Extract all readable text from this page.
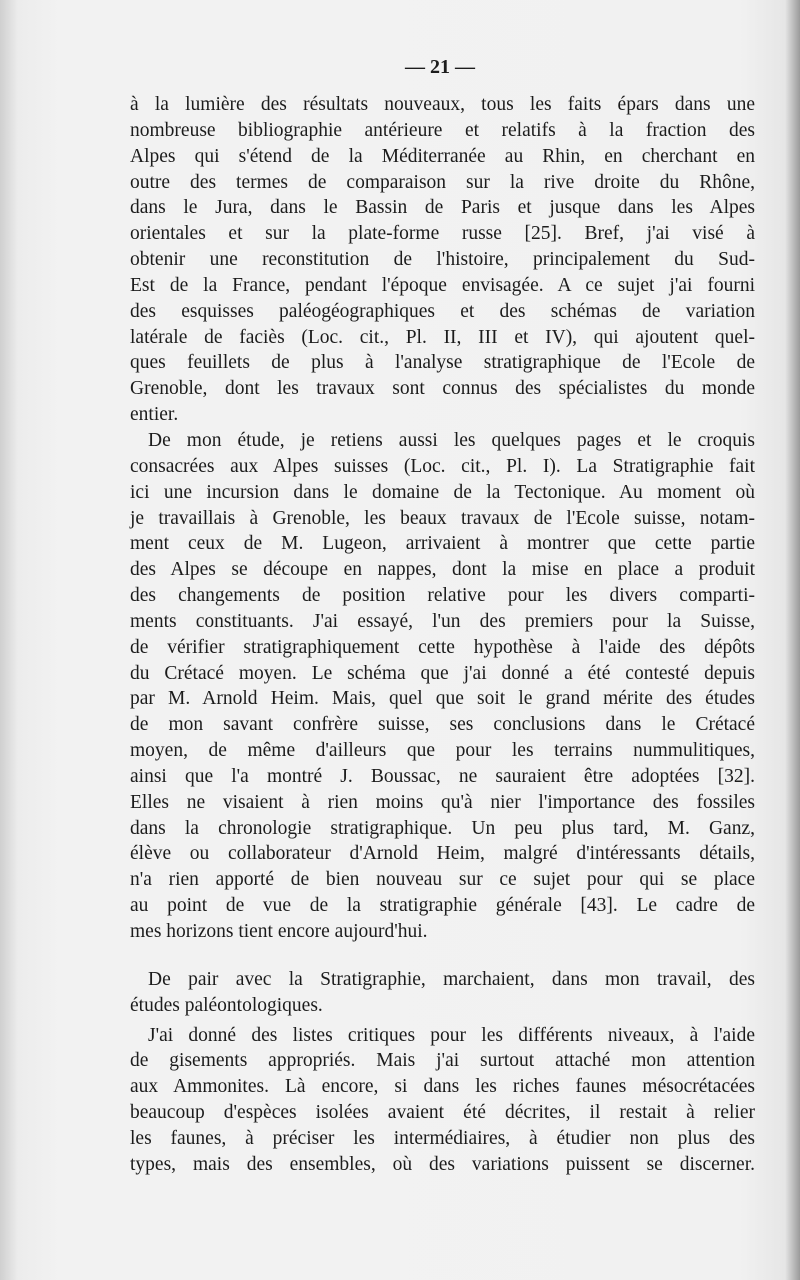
— 21 —
à la lumière des résultats nouveaux, tous les faits épars dans une
nombreuse bibliographie antérieure et relatifs à la fraction des
Alpes qui s'étend de la Méditerranée au Rhin, en cherchant en
outre des termes de comparaison sur la rive droite du Rhône,
dans le Jura, dans le Bassin de Paris et jusque dans les Alpes
orientales et sur la plate-forme russe [25]. Bref, j'ai visé à
obtenir une reconstitution de l'histoire, principalement du Sud-
Est de la France, pendant l'époque envisagée. A ce sujet j'ai fourni
des esquisses paléogéographiques et des schémas de variation
latérale de faciès (Loc. cit., Pl. II, III et IV), qui ajoutent quel-
ques feuillets de plus à l'analyse stratigraphique de l'Ecole de
Grenoble, dont les travaux sont connus des spécialistes du monde
entier.
De mon étude, je retiens aussi les quelques pages et le croquis
consacrées aux Alpes suisses (Loc. cit., Pl. I). La Stratigraphie fait
ici une incursion dans le domaine de la Tectonique. Au moment où
je travaillais à Grenoble, les beaux travaux de l'Ecole suisse, notam-
ment ceux de M. Lugeon, arrivaient à montrer que cette partie
des Alpes se découpe en nappes, dont la mise en place a produit
des changements de position relative pour les divers comparti-
ments constituants. J'ai essayé, l'un des premiers pour la Suisse,
de vérifier stratigraphiquement cette hypothèse à l'aide des dépôts
du Crétacé moyen. Le schéma que j'ai donné a été contesté depuis
par M. Arnold Heim. Mais, quel que soit le grand mérite des études
de mon savant confrère suisse, ses conclusions dans le Crétacé
moyen, de même d'ailleurs que pour les terrains nummulitiques,
ainsi que l'a montré J. Boussac, ne sauraient être adoptées [32].
Elles ne visaient à rien moins qu'à nier l'importance des fossiles
dans la chronologie stratigraphique. Un peu plus tard, M. Ganz,
élève ou collaborateur d'Arnold Heim, malgré d'intéressants détails,
n'a rien apporté de bien nouveau sur ce sujet pour qui se place
au point de vue de la stratigraphie générale [43]. Le cadre de
mes horizons tient encore aujourd'hui.
De pair avec la Stratigraphie, marchaient, dans mon travail, des
études paléontologiques.
J'ai donné des listes critiques pour les différents niveaux, à l'aide
de gisements appropriés. Mais j'ai surtout attaché mon attention
aux Ammonites. Là encore, si dans les riches faunes mésocrétacées
beaucoup d'espèces isolées avaient été décrites, il restait à relier
les faunes, à préciser les intermédiaires, à étudier non plus des
types, mais des ensembles, où des variations puissent se discerner.
